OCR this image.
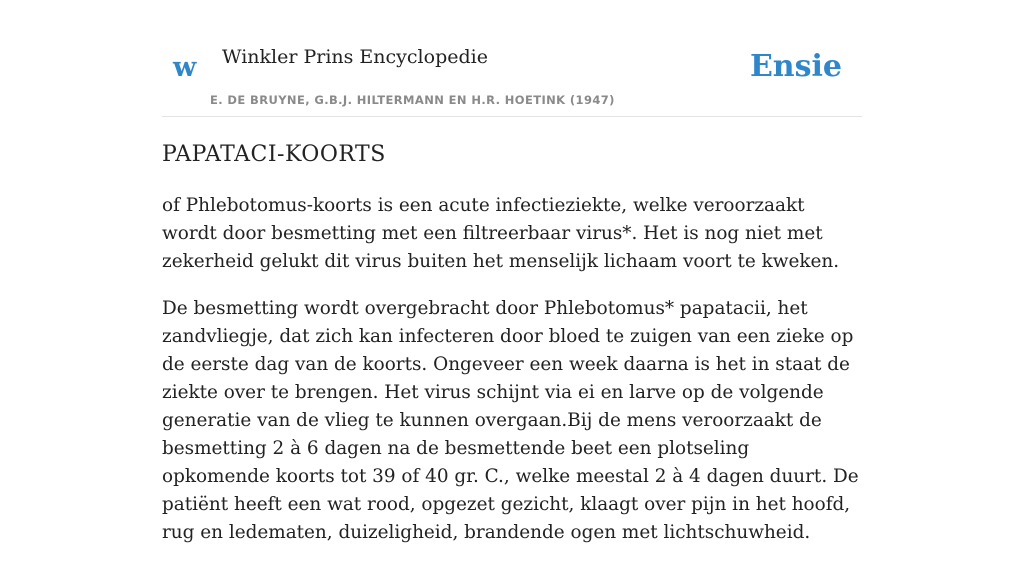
w Winkler Prins Encyclopedie
E. DE BRUYNE, G.B.J. HILTERMANN EN H.R. HOETINK (1947)
Ensie
PAPATACI-KOORTS

of Phlebotomus-koorts is een acute infectieziekte, welke veroorzaakt wordt door besmetting met een filtreerbaar virus*. Het is nog niet met zekerheid gelukt dit virus buiten het menselijk lichaam voort te kweken.

De besmetting wordt overgebracht door Phlebotomus* papatacii, het zandvliegje, dat zich kan infecteren door bloed te zuigen van een zieke op de eerste dag van de koorts. Ongeveer een week daarna is het in staat de ziekte over te brengen. Het virus schijnt via ei en larve op de volgende generatie van de vlieg te kunnen overgaan.Bij de mens veroorzaakt de besmetting 2 à 6 dagen na de besmettende beet een plotseling opkomende koorts tot 39 of 40 gr. C., welke meestal 2 à 4 dagen duurt. De patiënt heeft een wat rood, opgezet gezicht, klaagt over pijn in het hoofd, rug en ledematen, duizeligheid, brandende ogen met lichtschuwheid.
